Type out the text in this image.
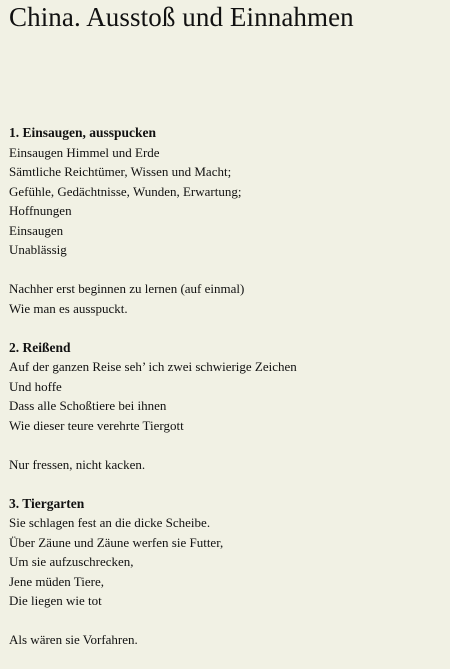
China. Ausstoß und Einnahmen
1. Einsaugen, ausspucken

Einsaugen Himmel und Erde
Sämtliche Reichtümer, Wissen und Macht;
Gefühle, Gedächtnisse, Wunden, Erwartung;
Hoffnungen
Einsaugen
Unablässig

Nachher erst beginnen zu lernen (auf einmal)
Wie man es ausspuckt.

2. Reißend

Auf der ganzen Reise seh’ ich zwei schwierige Zeichen
Und hoffe
Dass alle Schoßtiere bei ihnen
Wie dieser teure verehrte Tiergott

Nur fressen, nicht kacken.

3. Tiergarten

Sie schlagen fest an die dicke Scheibe.
Über Zäune und Zäune werfen sie Futter,
Um sie aufzuschrecken,
Jene müden Tiere,
Die liegen wie tot

Als wären sie Vorfahren.
